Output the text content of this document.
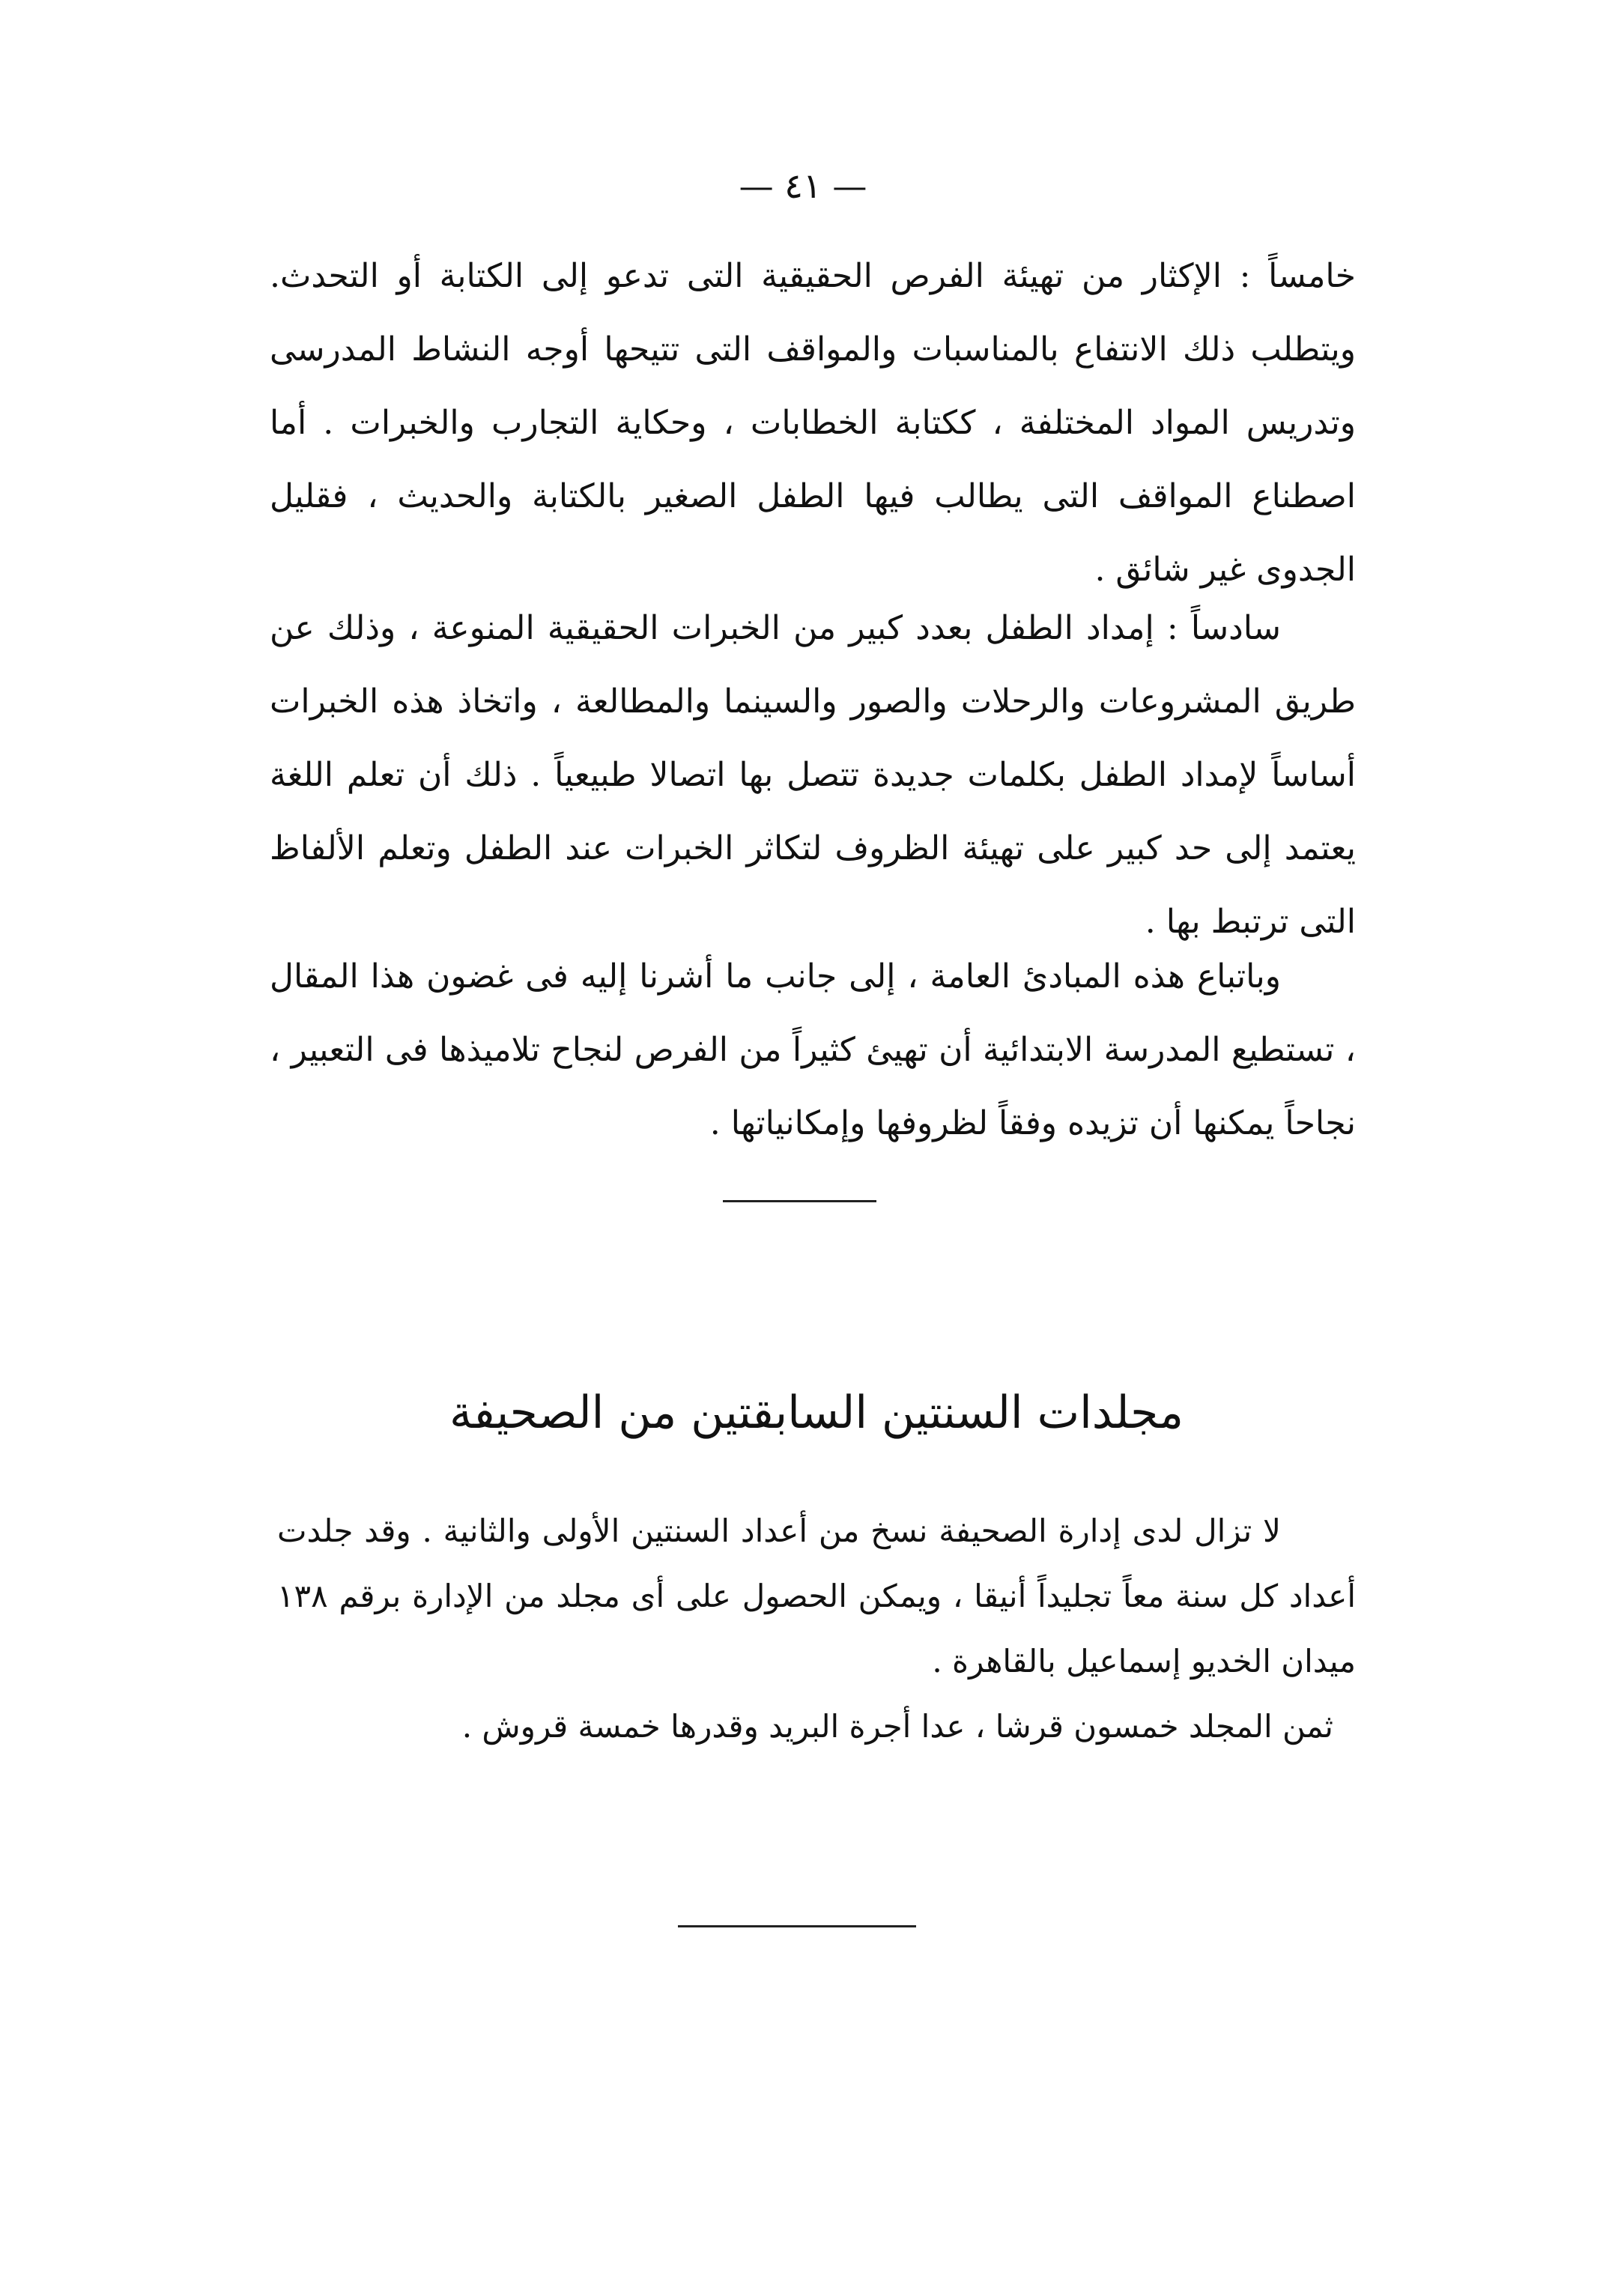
— ٤١ —

خامساً : الإكثار من تهيئة الفرص الحقيقية التى تدعو إلى الكتابة أو التحدث. ويتطلب ذلك الانتفاع بالمناسبات والمواقف التى تتيحها أوجه النشاط المدرسى وتدريس المواد المختلفة ، ككتابة الخطابات ، وحكاية التجارب والخبرات . أما اصطناع المواقف التى يطالب فيها الطفل الصغير بالكتابة والحديث ، فقليل الجدوى غير شائق .

سادساً : إمداد الطفل بعدد كبير من الخبرات الحقيقية المنوعة ، وذلك عن طريق المشروعات والرحلات والصور والسينما والمطالعة ، واتخاذ هذه الخبرات أساساً لإمداد الطفل بكلمات جديدة تتصل بها اتصالا طبيعياً . ذلك أن تعلم اللغة يعتمد إلى حد كبير على تهيئة الظروف لتكاثر الخبرات عند الطفل وتعلم الألفاظ التى ترتبط بها .

وباتباع هذه المبادئ العامة ، إلى جانب ما أشرنا إليه فى غضون هذا المقال ، تستطيع المدرسة الابتدائية أن تهيئ كثيراً من الفرص لنجاح تلاميذها فى التعبير ، نجاحاً يمكنها أن تزيده وفقاً لظروفها وإمكانياتها .

مجلدات السنتين السابقتين من الصحيفة

لا تزال لدى إدارة الصحيفة نسخ من أعداد السنتين الأولى والثانية . وقد جلدت أعداد كل سنة معاً تجليداً أنيقا ، ويمكن الحصول على أى مجلد من الإدارة برقم ١٣٨ ميدان الخديو إسماعيل بالقاهرة .

ثمن المجلد خمسون قرشا ، عدا أجرة البريد وقدرها خمسة قروش .
